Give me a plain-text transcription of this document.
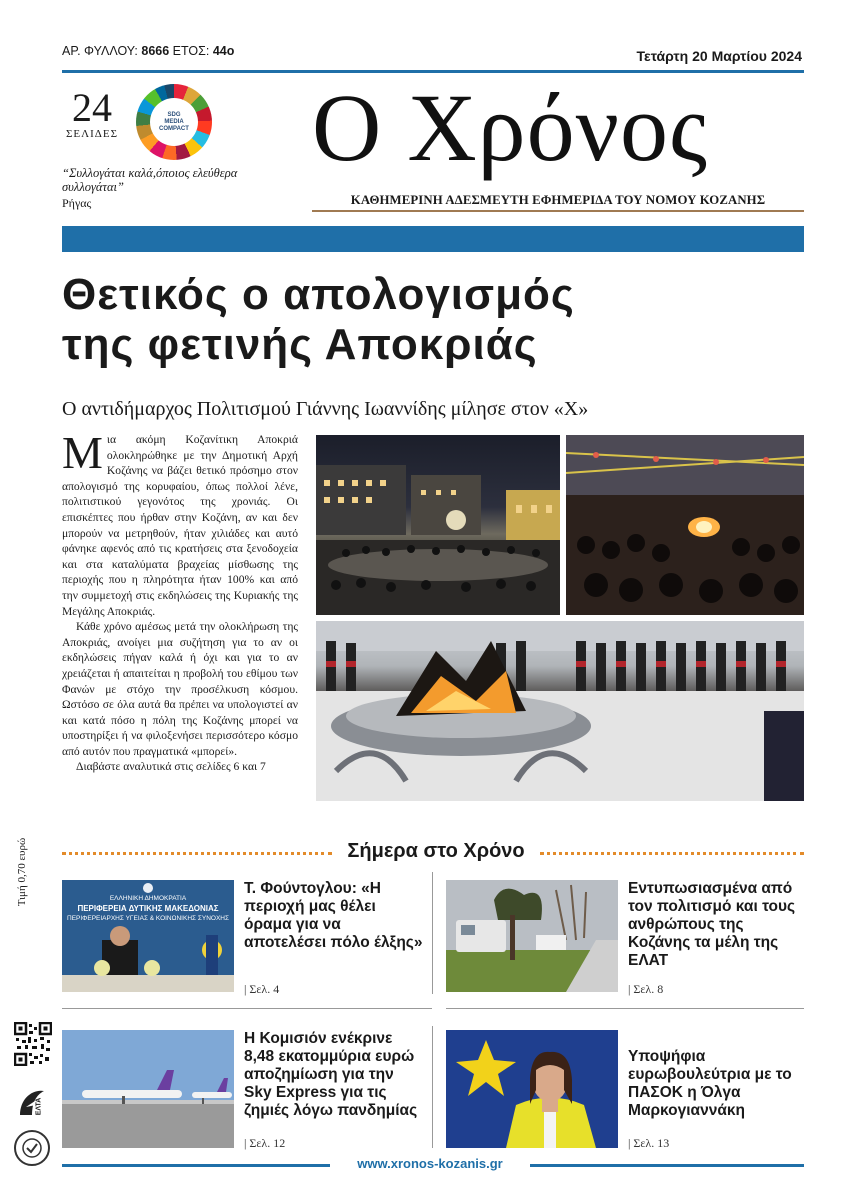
ΑΡ. ΦΥΛΛΟΥ: 8666 ΕΤΟΣ: 44ο	Τετάρτη 20 Μαρτίου 2024
24
ΣΕΛΙΔΕΣ
SDG
MEDIA
COMPACT
“Συλλογάται καλά,όποιος ελεύθερα συλλογάται”
Ρήγας
Ο Χρόνος
ΚΑΘΗΜΕΡΙΝΗ ΑΔΕΣΜΕΥΤΗ ΕΦΗΜΕΡΙΔΑ ΤΟΥ ΝΟΜΟΥ ΚΟΖΑΝΗΣ
Θετικός ο απολογισμός
της φετινής Αποκριάς
Ο αντιδήμαρχος Πολιτισμού Γιάννης Ιωαννίδης μίλησε στον «Χ»

Μια ακόμη Κοζανίτικη Αποκριά ολοκληρώθηκε με την Δημοτική Αρχή Κοζάνης να βάζει θετικό πρόσημο στον απολογισμό της κορυφαίου, όπως πολλοί λένε, πολιτιστικού γεγονότος της χρονιάς. Οι επισκέπτες που ήρθαν στην Κοζάνη, αν και δεν μπορούν να μετρηθούν, ήταν χιλιάδες και αυτό φάνηκε αφενός από τις κρατήσεις στα ξενοδοχεία και στα καταλύματα βραχείας μίσθωσης της περιοχής που η πληρότητα ήταν 100% και από την συμμετοχή στις εκδηλώσεις της Κυριακής της Μεγάλης Αποκριάς.

Κάθε χρόνο αμέσως μετά την ολοκλήρωση της Αποκριάς, ανοίγει μια συζήτηση για το αν οι εκδηλώσεις πήγαν καλά ή όχι και για το αν χρειάζεται ή απαιτείται η προβολή του εθίμου των Φανών με στόχο την προσέλκυση κόσμου. Ωστόσο σε όλα αυτά θα πρέπει να υπολογιστεί αν και κατά πόσο η πόλη της Κοζάνης μπορεί να υποστηρίξει ή να φιλοξενήσει περισσότερο κόσμο από αυτόν που πραγματικά «μπορεί».

Διαβάστε αναλυτικά στις σελίδες 6 και 7

Σήμερα στο Χρόνο
Τιμή 0,70 ευρώ
ΕΛΤΑ
ΕΛΛΗΝΙΚΗ ΔΗΜΟΚΡΑΤΙΑ
ΠΕΡΙΦΕΡΕΙΑ ΔΥΤΙΚΗΣ ΜΑΚΕΔΟΝΙΑΣ
ΠΕΡΙΦΕΡΕΙΑΡΧΗΣ ΥΓΕΙΑΣ & ΚΟΙΝΩΝΙΚΗΣ ΣΥΝΟΧΗΣ
Τ. Φούντογλου: «Η περιοχή μας θέλει όραμα για να αποτελέσει πόλο έλξης»
| Σελ. 4
Εντυπωσιασμένα από τον πολιτισμό και τους ανθρώπους της Κοζάνης τα μέλη της ΕΛΑΤ
| Σελ. 8
Η Κομισιόν ενέκρινε 8,48 εκατομμύρια ευρώ αποζημίωση για την Sky Express για τις ζημιές λόγω πανδημίας
| Σελ. 12
Υποψήφια ευρωβουλεύτρια με το ΠΑΣΟΚ η Όλγα Μαρκογιαννάκη
| Σελ. 13
www.xronos-kozanis.gr
